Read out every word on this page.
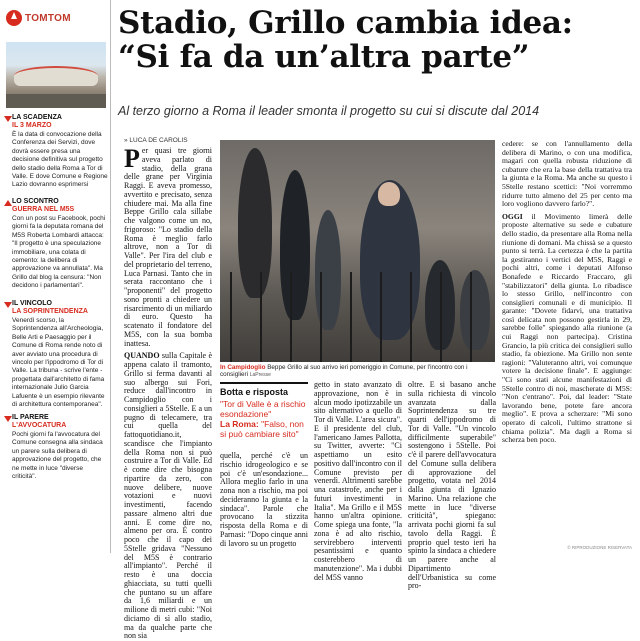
TOMTOM
LA SCADENZA
IL 3 MARZO
È la data di convocazione della Conferenza dei Servizi, dove dovrà essere presa una decisione definitiva sul progetto dello stadio della Roma a Tor di Valle. E dove Comune e Regione Lazio dovranno esprimersi
LO SCONTRO
GUERRA NEL M5S
Con un post su Facebook, pochi giorni fa la deputata romana del M5S Roberta Lombardi attacca: "Il progetto è una speculazione immobiliare, una colata di cemento: la delibera di approvazione va annullata". Ma Grillo dal blog la censura: "Non decidono i parlamentari".
IL VINCOLO
LA SOPRINTENDENZA
Venerdì scorso, la Soprintendenza all'Archeologia, Belle Arti e Paesaggio per il Comune di Roma rende noto di aver avviato una procedura di vincolo per l'ippodromo di Tor di Valle. La tribuna - scrive l'ente - progettata dall'architetto di fama internazionale Julio Garcia Lafuente è un esempio rilevante di architettura contemporanea".
IL PARERE
L'AVVOCATURA
Pochi giorni fa l'avvocatura del Comune consegna alla sindaca un parere sulla delibera di approvazione del progetto, che ne mette in luce "diverse criticità".
Stadio, Grillo cambia idea:
“Si fa da un’altra parte”
Al terzo giorno a Roma il leader smonta il progetto su cui si discute dal 2014
» LUCA DE CAROLIS

Per quasi tre giorni aveva parlato di stadio, della grana delle grane per Virginia Raggi. E aveva promesso, avvertito e precisato, senza chiudere mai. Ma alla fine Beppe Grillo cala sillabe che valgono come un no, frigoroso: "Lo stadio della Roma è meglio farlo altrove, non a Tor di Valle". Per l'ira del club e del proprietario del terreno, Luca Parnasi. Tanto che in serata raccontano che i "proponenti" del progetto sono pronti a chiedere un risarcimento di un miliardo di euro. Questo ha scatenato il fondatore del M5S, con la sua bomba inattesa.

QUANDO sulla Capitale è appena calato il tramonto, Grillo si ferma davanti al suo albergo sui Fori, reduce dall'incontro in Campidoglio con i consiglieri a 5Stelle. E a un pugno di telecamere, tra cui quella del fattoquotidiano.it, scandisce che l'impianto della Roma non si può costruire a Tor di Valle. Ed è come dire che bisogna ripartire da zero, con nuove delibere, nuove votazioni e nuovi investimenti, facendo passare almeno altri due anni. E come dire no, almeno per ora. È contro poco che il capo dei 5Stelle gridava "Nessuno del M5S è contrario all'impianto". Perché il resto è una doccia ghiacciata, su tutti quelli che puntano su un affare da 1,6 miliardi e un milione di metri cubi: "Noi diciamo di sì allo stadio, ma da qualche parte che non sia

In Campidoglio Beppe Grillo al suo arrivo ieri pomeriggio in Comune, per l'incontro con i consiglieri LaPresse
Botta e risposta
"Tor di Valle è a rischio esondazione"
La Roma: "Falso, non si può cambiare sito"

quella, perché c'è un rischio idrogeologico e se poi c'è un'esondazione... Allora meglio farlo in una zona non a rischio, ma poi decideranno la giunta e la sindaca". Parole che provocano la stizzita risposta della Roma e di Parnasi: "Dopo cinque anni di lavoro su un progetto

getto in stato avanzato di approvazione, non è in alcun modo ipotizzabile un sito alternativo a quello di Tor di Valle. L'area sicura". E il presidente del club, l'americano James Pallotta, su Twitter, avverte: "Ci aspettiamo un esito positivo dall'incontro con il Comune previsto per venerdì. Altrimenti sarebbe una catastrofe, anche per i futuri investimenti in Italia". Ma Grillo e il M5S hanno un'altra opinione. Come spiega una fonte, "la zona è ad alto rischio, servirebbero interventi pesantissimi e quanto costerebbero di manutenzione". Ma i dubbi del M5S vanno

oltre. E si basano anche sulla richiesta di vincolo avanzata dalla Soprintendenza su tre quarti dell'ippodromo di Tor di Valle. "Un vincolo difficilmente superabile" sostengono i 5Stelle. Poi c'è il parere dell'avvocatura del Comune sulla delibera di approvazione del progetto, votata nel 2014 dalla giunta di Ignazio Marino. Una relazione che mette in luce "diverse criticità", spiegano: arrivata pochi giorni fa sul tavolo della Raggi. È proprio quel testo ieri ha spinto la sindaca a chiedere un parere anche al Dipartimento dell'Urbanistica su come pro-

cedere: se con l'annullamento della delibera di Marino, o con una modifica, magari con quella robusta riduzione di cubature che era la base della trattativa tra la giunta e la Roma. Ma anche su questo i 5Stelle restano scettici: "Noi vorremmo ridurre tutto almeno del 25 per cento ma loro vogliono davvero farlo?".

OGGI il Movimento limerà delle proposte alternative su sede e cubature dello stadio, da presentare alla Roma nella riunione di domani. Ma chissà se a questo punto si terrà. La certezza è che la partita la gestiranno i vertici del M5S, Raggi e pochi altri, come i deputati Alfonso Bonafede e Riccardo Fraccaro, gli "stabilizzatori" della giunta. Lo ribadisce lo stesso Grillo, nell'incontro con consiglieri comunali e di municipio. Il garante: "Dovete fidarvi, una trattativa così delicata non possono gestirla in 29, sarebbe folle" spiegando alla riunione (a cui Raggi non partecipa). Cristina Grancio, la più critica dei consiglieri sullo stadio, fa obiezione. Ma Grillo non sente ragioni: "Valuteranno altri, voi comunque votere la decisione finale". E aggiunge: "Ci sono stati alcune manifestazioni di 5Stelle contro di noi, mascherate di M5S: "Non c'entrano". Poi, dal leader: "State lavorando bene, potete fare ancora meglio". E prova a scherzare: "Mi sono operato di calcoli, l'ultimo strattone si chiama polizia". Ma dagli a Roma si scherza ben poco.

© RIPRODUZIONE RISERVATA
